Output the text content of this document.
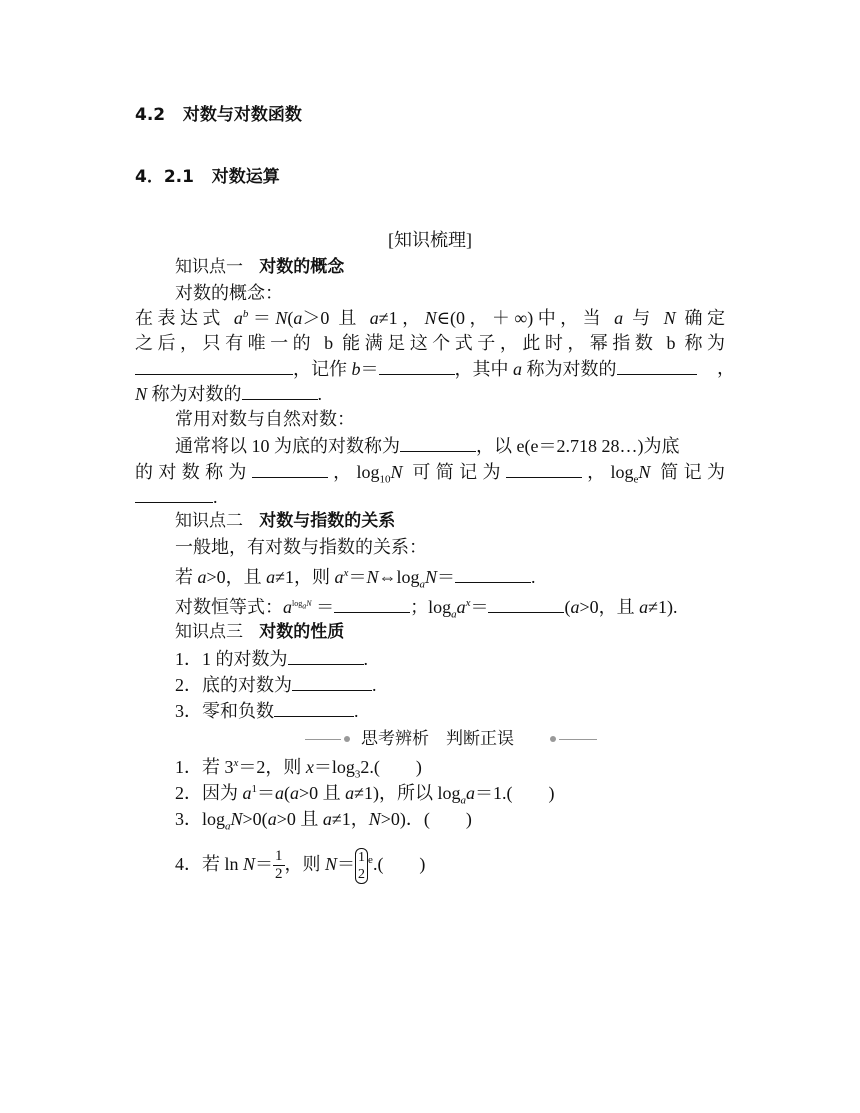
4.2 对数与对数函数
4．2.1 对数运算
[知识梳理]
知识点一 对数的概念
对数的概念：
在表达式 $a^b=N(a>0$ 且 a≠1，N∈(0，＋∞)中，当 a 与 N 确定
之后，只有唯一的 b 能满足这个式子，此时，幂指数 b 称为
，记作 b＝	，其中 a 称为对数的	，
N 称为对数的	.
常用对数与自然对数：
通常将以 10 为底的对数称为	，以 e(e＝2.718 28…)为底
的对数称为	，$\log_{10}N$ 可简记为	，$\log_eN$ 简记为
.
知识点二 对数与指数的关系
一般地，有对数与指数的关系：
若 a>0，且 a≠1，则 $a^x=N\Leftrightarrow\log_aN=$	.
对数恒等式：$a^{log_aN}$ ＝	；$\log_aa^x=$	(a>0，且 a≠1).
知识点三 对数的性质
1．1 的对数为	.
2．底的对数为	.
3．零和负数	.
思考辨析　判断正误
1．若 $3^x=2$，则 $x=\log_32$.(　　)
2．因为 $a^1=a(a>0$ 且 a≠1)，所以 $\log_aa=1$.(　　)
3．$\log_aN>0(a>0$ 且 a≠1，N>0)．(　　)
4．若 $\ln N= \frac{1}{2}$ ，则 N＝ 1
2
$^e$.(　　)
